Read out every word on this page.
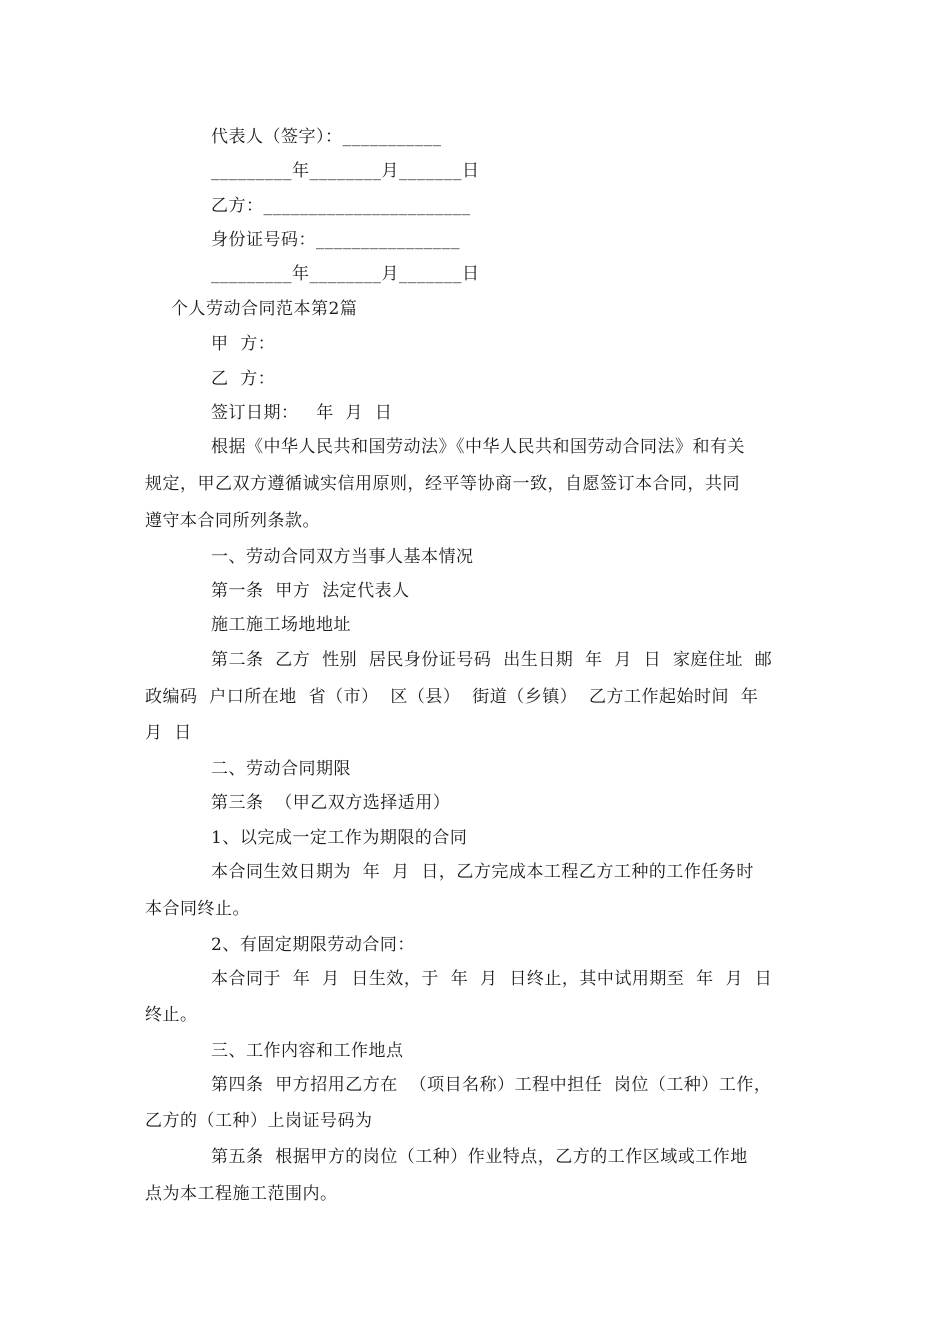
代表人（签字）：___________
_________年________月_______日
乙方：_______________________
身份证号码：________________
_________年________月_______日
个人劳动合同范本第2篇
甲  方：
乙  方：
签订日期：   年  月  日
根据《中华人民共和国劳动法》《中华人民共和国劳动合同法》和有关
规定，甲乙双方遵循诚实信用原则，经平等协商一致，自愿签订本合同，共同
遵守本合同所列条款。
一、劳动合同双方当事人基本情况
第一条  甲方  法定代表人
施工施工场地地址
第二条  乙方  性别  居民身份证号码  出生日期  年  月  日  家庭住址  邮
政编码  户口所在地  省（市）  区（县）  街道（乡镇）  乙方工作起始时间  年
月  日
二、劳动合同期限
第三条  （甲乙双方选择适用）
1、以完成一定工作为期限的合同
本合同生效日期为  年  月  日，乙方完成本工程乙方工种的工作任务时
本合同终止。
2、有固定期限劳动合同：
本合同于  年  月  日生效，于  年  月  日终止，其中试用期至  年  月  日
终止。
三、工作内容和工作地点
第四条  甲方招用乙方在  （项目名称）工程中担任  岗位（工种）工作，
乙方的（工种）上岗证号码为
第五条  根据甲方的岗位（工种）作业特点，乙方的工作区域或工作地
点为本工程施工范围内。
